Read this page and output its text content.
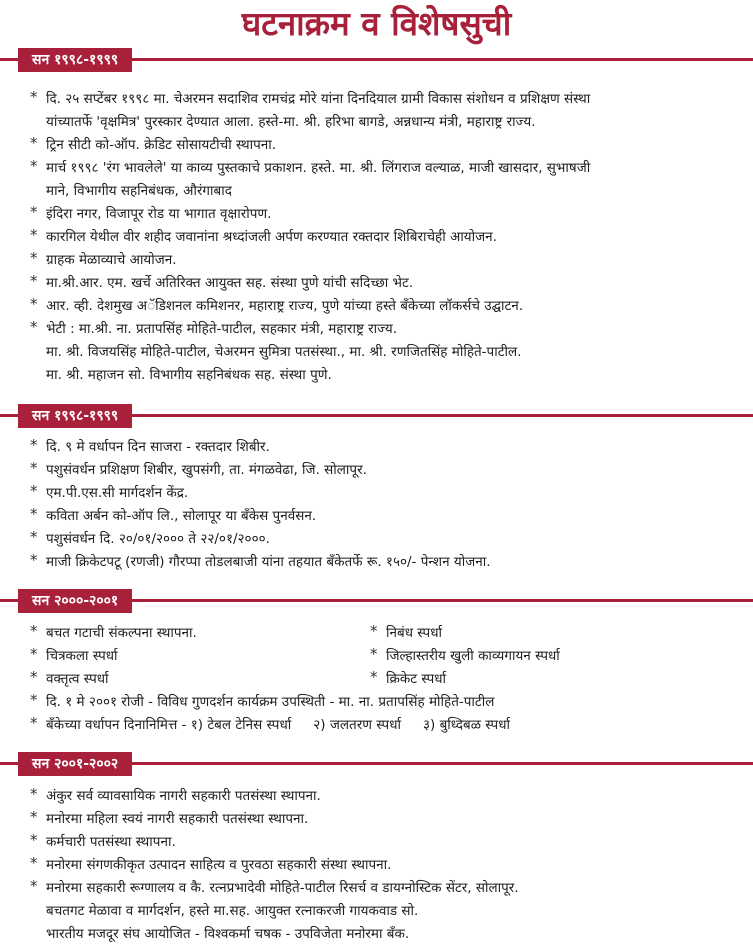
घटनाक्रम व विशेषसुची
सन १९९८-१९९९
* दि. २५ सप्टेंबर १९९८ मा. चेअरमन सदाशिव रामचंद्र मोरे यांना दिनदियाल ग्रामी विकास संशोधन व प्रशिक्षण संस्था
यांच्यातर्फे 'वृक्षमित्र' पुरस्कार देण्यात आला. हस्ते-मा. श्री. हरिभा बागडे, अन्नधान्य मंत्री, महाराष्ट्र राज्य.
* ट्रिन सीटी को-ऑप. क्रेडिट सोसायटीची स्थापना.
* मार्च १९९८ 'रंग भावलेले' या काव्य पुस्तकाचे प्रकाशन. हस्ते. मा. श्री. लिंगराज वल्याळ, माजी खासदार, सुभाषजी
माने, विभागीय सहनिबंधक, औरंगाबाद
* इंदिरा नगर, विजापूर रोड या भागात वृक्षारोपण.
* कारगिल येथील वीर शहीद जवानांना श्रध्दांजली अर्पण करण्यात रक्तदार शिबिराचेही आयोजन.
* ग्राहक मेळाव्याचे आयोजन.
* मा.श्री.आर. एम. खर्चे अतिरिक्त आयुक्त सह. संस्था पुणे यांची सदिच्छा भेट.
* आर. व्ही. देशमुख अॅडिशनल कमिशनर, महाराष्ट्र राज्य, पुणे यांच्या हस्ते बँकेच्या लॉकर्सचे उद्घाटन.
* भेटी : मा.श्री. ना. प्रतापसिंह मोहिते-पाटील, सहकार मंत्री, महाराष्ट्र राज्य.
मा. श्री. विजयसिंह मोहिते-पाटील, चेअरमन सुमित्रा पतसंस्था., मा. श्री. रणजितसिंह मोहिते-पाटील.
मा. श्री. महाजन सो. विभागीय सहनिबंधक सह. संस्था पुणे.
सन १९९८-१९९९
* दि. ९ मे वर्धापन दिन साजरा - रक्तदार शिबीर.
* पशुसंवर्धन प्रशिक्षण शिबीर, खुपसंगी, ता. मंगळवेढा, जि. सोलापूर.
* एम.पी.एस.सी मार्गदर्शन केंद्र.
* कविता अर्बन को-ऑप लि., सोलापूर या बँकेस पुनर्वसन.
* पशुसंवर्धन दि. २०/०१/२००० ते २२/०१/२०००.
* माजी क्रिकेटपटू (रणजी) गौरप्पा तोडलबाजी यांना तहयात बँकेतर्फे रू. १५०/- पेन्शन योजना.
सन २०००-२००१
* बचत गटाची संकल्पना स्थापना.	* निबंध स्पर्धा
* चित्रकला स्पर्धा	* जिल्हास्तरीय खुली काव्यगायन स्पर्धा
* वक्तृत्व स्पर्धा	* क्रिकेट स्पर्धा
* दि. १ मे २००१ रोजी - विविध गुणदर्शन कार्यक्रम उपस्थिती - मा. ना. प्रतापसिंह मोहिते-पाटील
* बँकेच्या वर्धापन दिनानिमित्त - १) टेबल टेनिस स्पर्धा २) जलतरण स्पर्धा ३) बुध्दिबळ स्पर्धा
सन २००१-२००२
* अंकुर सर्व व्यावसायिक नागरी सहकारी पतसंस्था स्थापना.
* मनोरमा महिला स्वयं नागरी सहकारी पतसंस्था स्थापना.
* कर्मचारी पतसंस्था स्थापना.
* मनोरमा संगणकीकृत उत्पादन साहित्य व पुरवठा सहकारी संस्था स्थापना.
* मनोरमा सहकारी रूग्णालय व कै. रत्नप्रभादेवी मोहिते-पाटील रिसर्च व डायग्नोस्टिक सेंटर, सोलापूर.
बचतगट मेळावा व मार्गदर्शन, हस्ते मा.सह. आयुक्त रत्नाकरजी गायकवाड सो.
भारतीय मजदूर संघ आयोजित - विश्वकर्मा चषक - उपविजेता मनोरमा बँक.
